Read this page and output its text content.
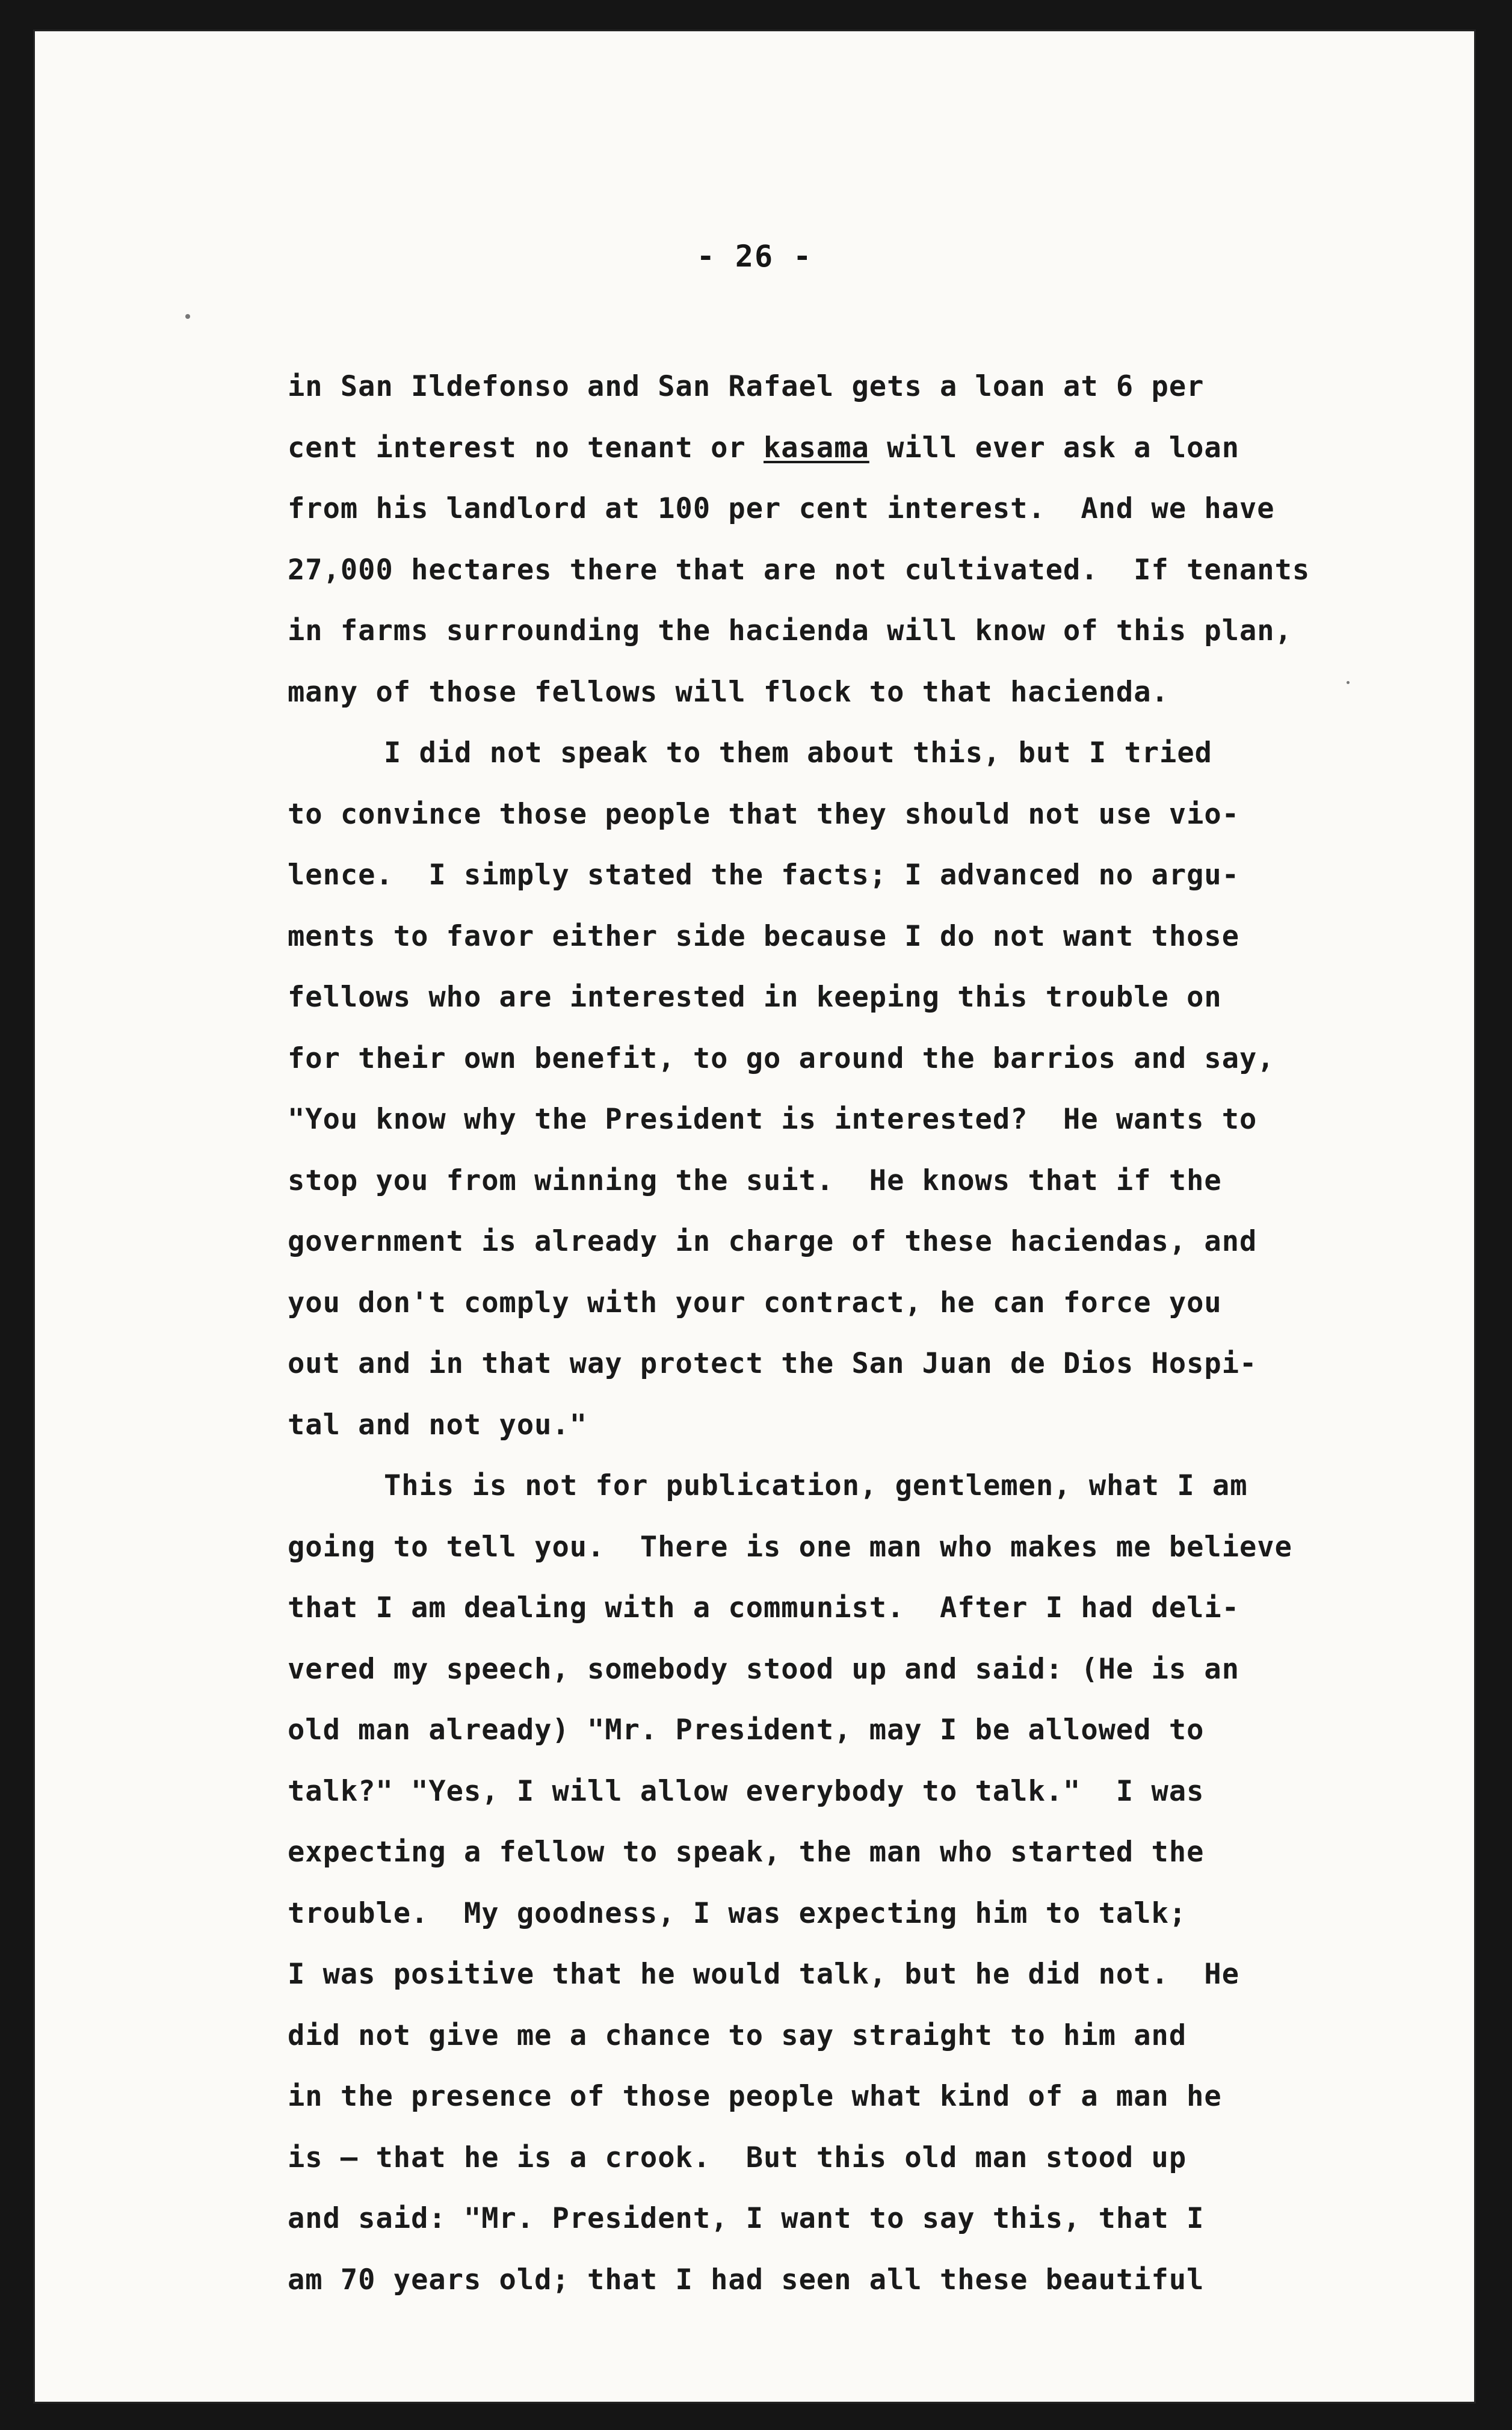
- 26 -
in San Ildefonso and San Rafael gets a loan at 6 per
cent interest no tenant or kasama will ever ask a loan
from his landlord at 100 per cent interest.  And we have
27,000 hectares there that are not cultivated.  If tenants
in farms surrounding the hacienda will know of this plan,
many of those fellows will flock to that hacienda.
I did not speak to them about this, but I tried
to convince those people that they should not use vio-
lence.  I simply stated the facts; I advanced no argu-
ments to favor either side because I do not want those
fellows who are interested in keeping this trouble on
for their own benefit, to go around the barrios and say,
"You know why the President is interested?  He wants to
stop you from winning the suit.  He knows that if the
government is already in charge of these haciendas, and
you don't comply with your contract, he can force you
out and in that way protect the San Juan de Dios Hospi-
tal and not you."
This is not for publication, gentlemen, what I am
going to tell you.  There is one man who makes me believe
that I am dealing with a communist.  After I had deli-
vered my speech, somebody stood up and said: (He is an
old man already) "Mr. President, may I be allowed to
talk?" "Yes, I will allow everybody to talk."  I was
expecting a fellow to speak, the man who started the
trouble.  My goodness, I was expecting him to talk;
I was positive that he would talk, but he did not.  He
did not give me a chance to say straight to him and
in the presence of those people what kind of a man he
is — that he is a crook.  But this old man stood up
and said: "Mr. President, I want to say this, that I
am 70 years old; that I had seen all these beautiful
